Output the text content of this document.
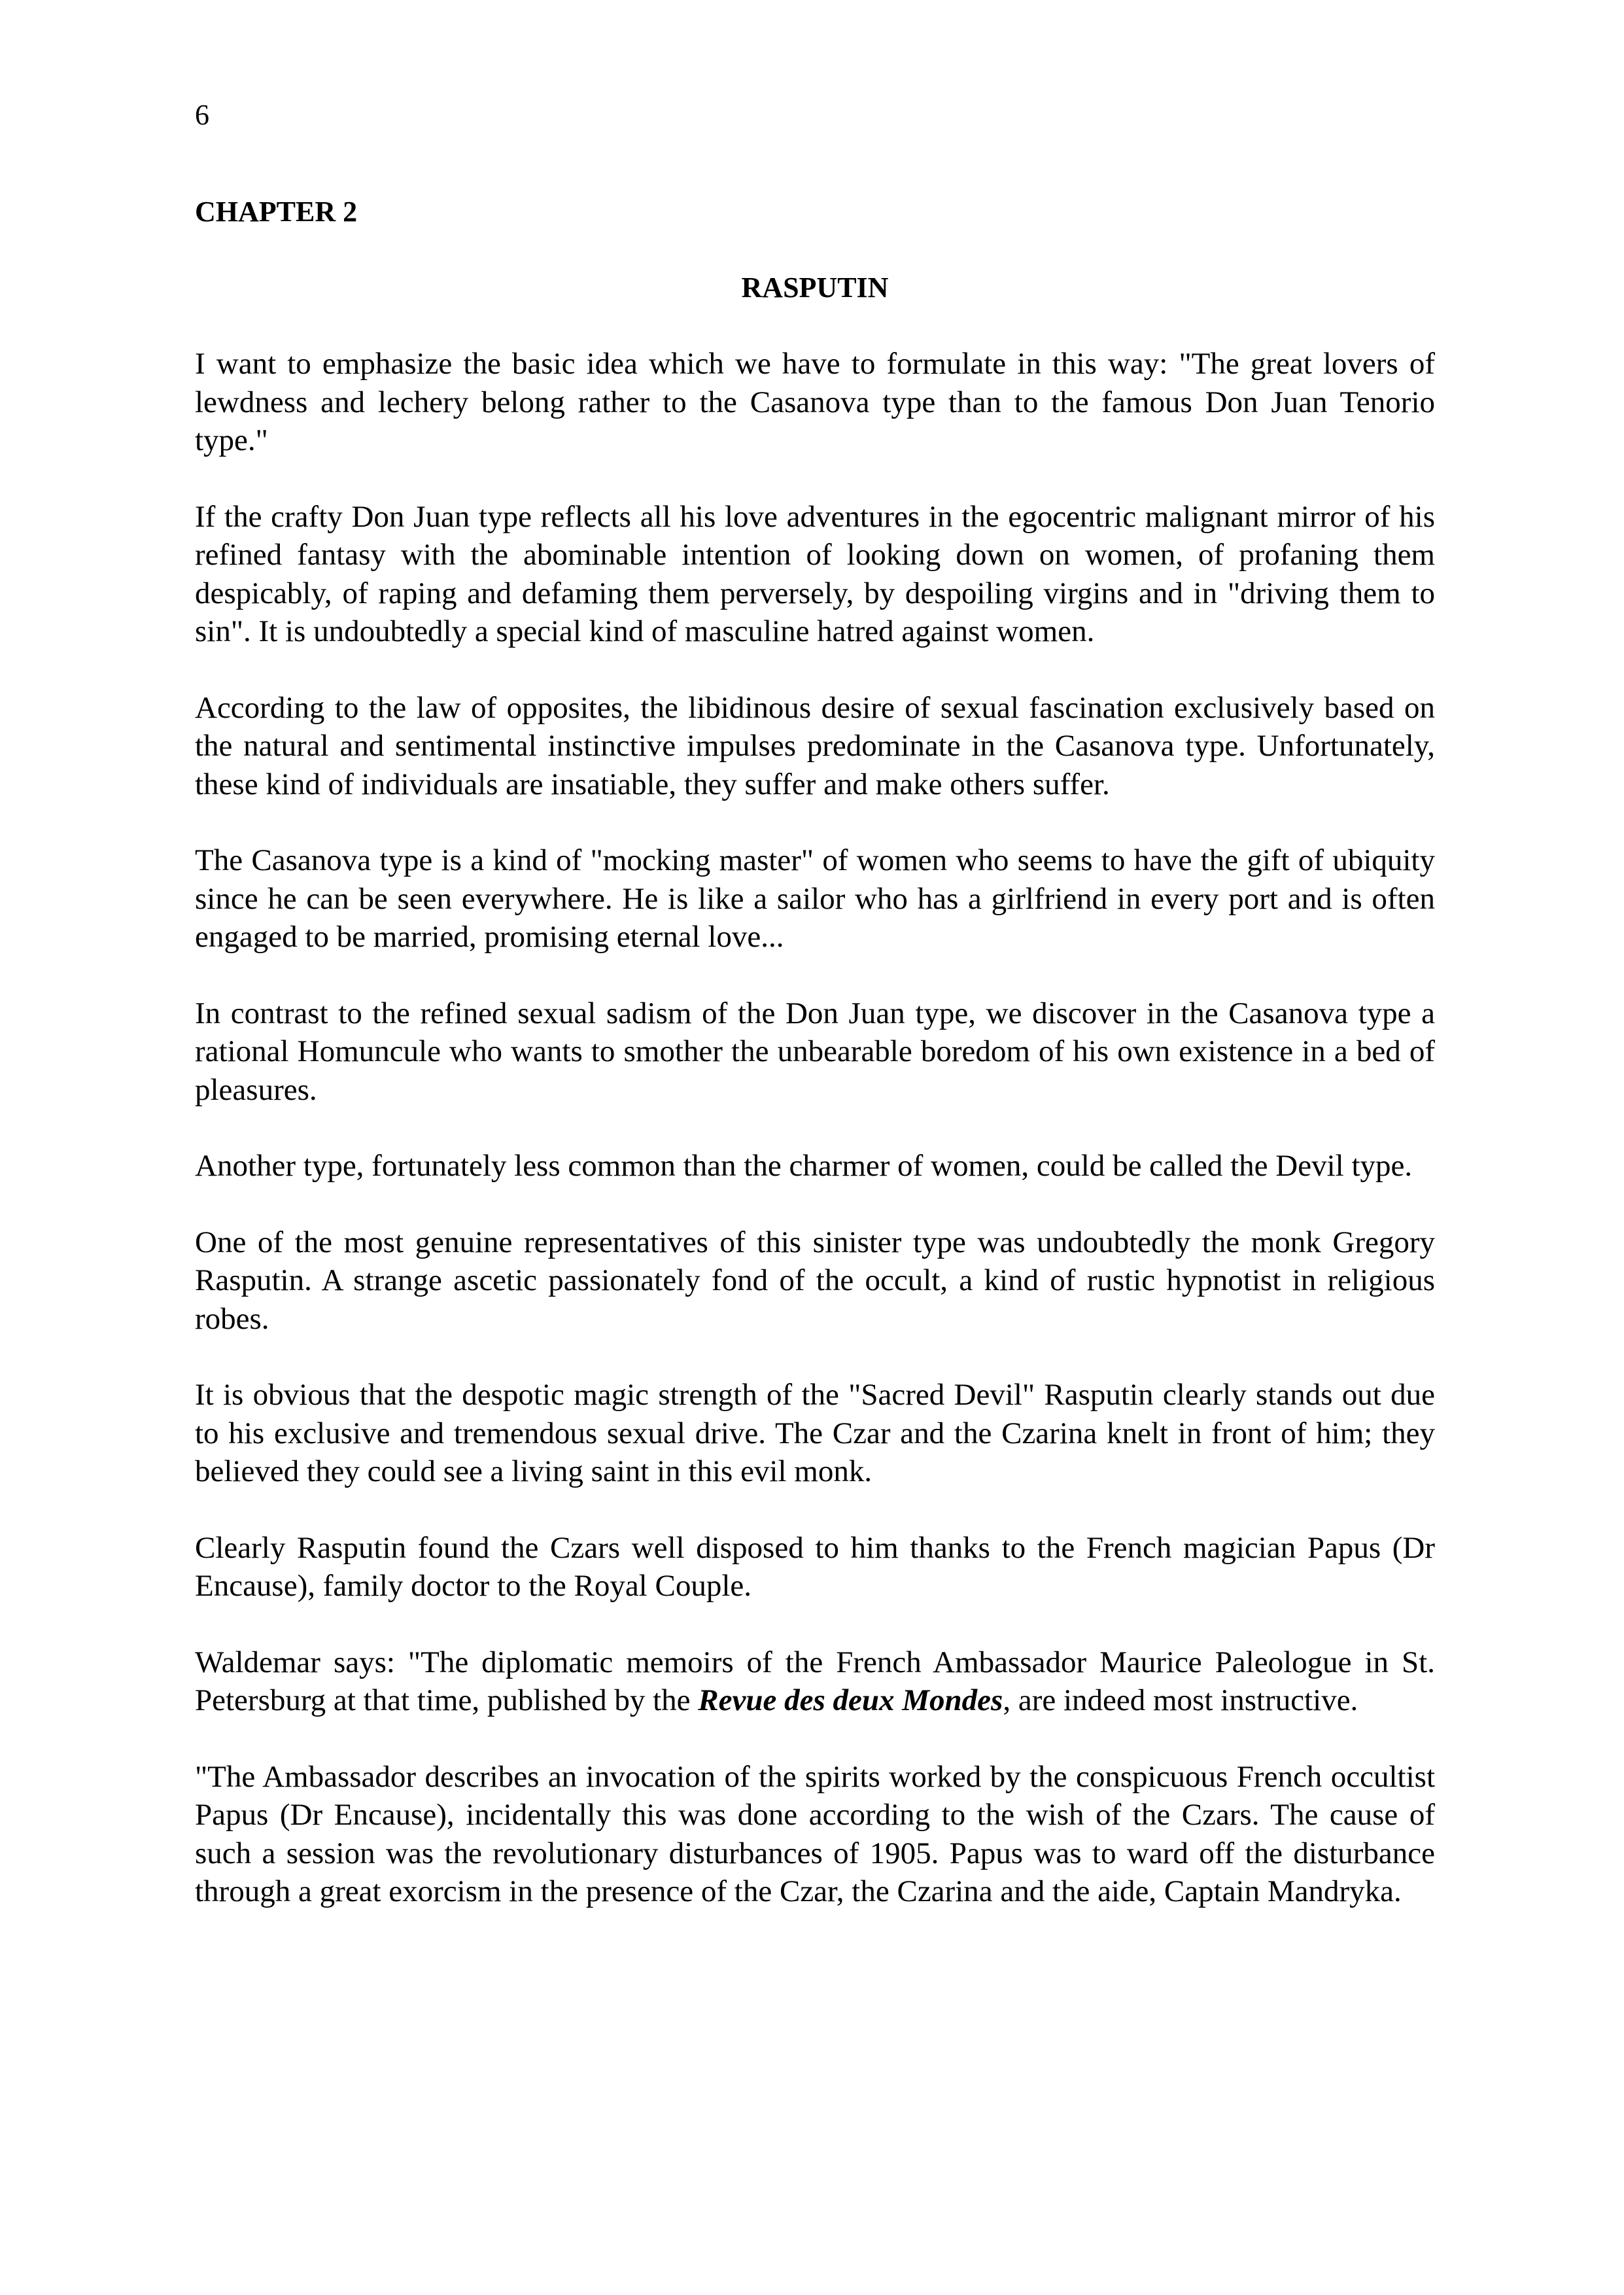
6
CHAPTER 2
RASPUTIN

I want to emphasize the basic idea which we have to formulate in this way: "The great lovers of lewdness and lechery belong rather to the Casanova type than to the famous Don Juan Tenorio type."

If the crafty Don Juan type reflects all his love adventures in the egocentric malignant mirror of his refined fantasy with the abominable intention of looking down on women, of profaning them despicably, of raping and defaming them perversely, by despoiling virgins and in "driving them to sin". It is undoubtedly a special kind of masculine hatred against women.

According to the law of opposites, the libidinous desire of sexual fascination exclusively based on the natural and sentimental instinctive impulses predominate in the Casanova type. Unfortunately, these kind of individuals are insatiable, they suffer and make others suffer.

The Casanova type is a kind of "mocking master" of women who seems to have the gift of ubiquity since he can be seen everywhere. He is like a sailor who has a girlfriend in every port and is often engaged to be married, promising eternal love...

In contrast to the refined sexual sadism of the Don Juan type, we discover in the Casanova type a rational Homuncule who wants to smother the unbearable boredom of his own existence in a bed of pleasures.

Another type, fortunately less common than the charmer of women, could be called the Devil type.

One of the most genuine representatives of this sinister type was undoubtedly the monk Gregory Rasputin. A strange ascetic passionately fond of the occult, a kind of rustic hypnotist in religious robes.

It is obvious that the despotic magic strength of the "Sacred Devil" Rasputin clearly stands out due to his exclusive and tremendous sexual drive. The Czar and the Czarina knelt in front of him; they believed they could see a living saint in this evil monk.

Clearly Rasputin found the Czars well disposed to him thanks to the French magician Papus (Dr Encause), family doctor to the Royal Couple.

Waldemar says: "The diplomatic memoirs of the French Ambassador Maurice Paleologue in St. Petersburg at that time, published by the Revue des deux Mondes, are indeed most instructive.

"The Ambassador describes an invocation of the spirits worked by the conspicuous French occultist Papus (Dr Encause), incidentally this was done according to the wish of the Czars. The cause of such a session was the revolutionary disturbances of 1905. Papus was to ward off the disturbance through a great exorcism in the presence of the Czar, the Czarina and the aide, Captain Mandryka.
